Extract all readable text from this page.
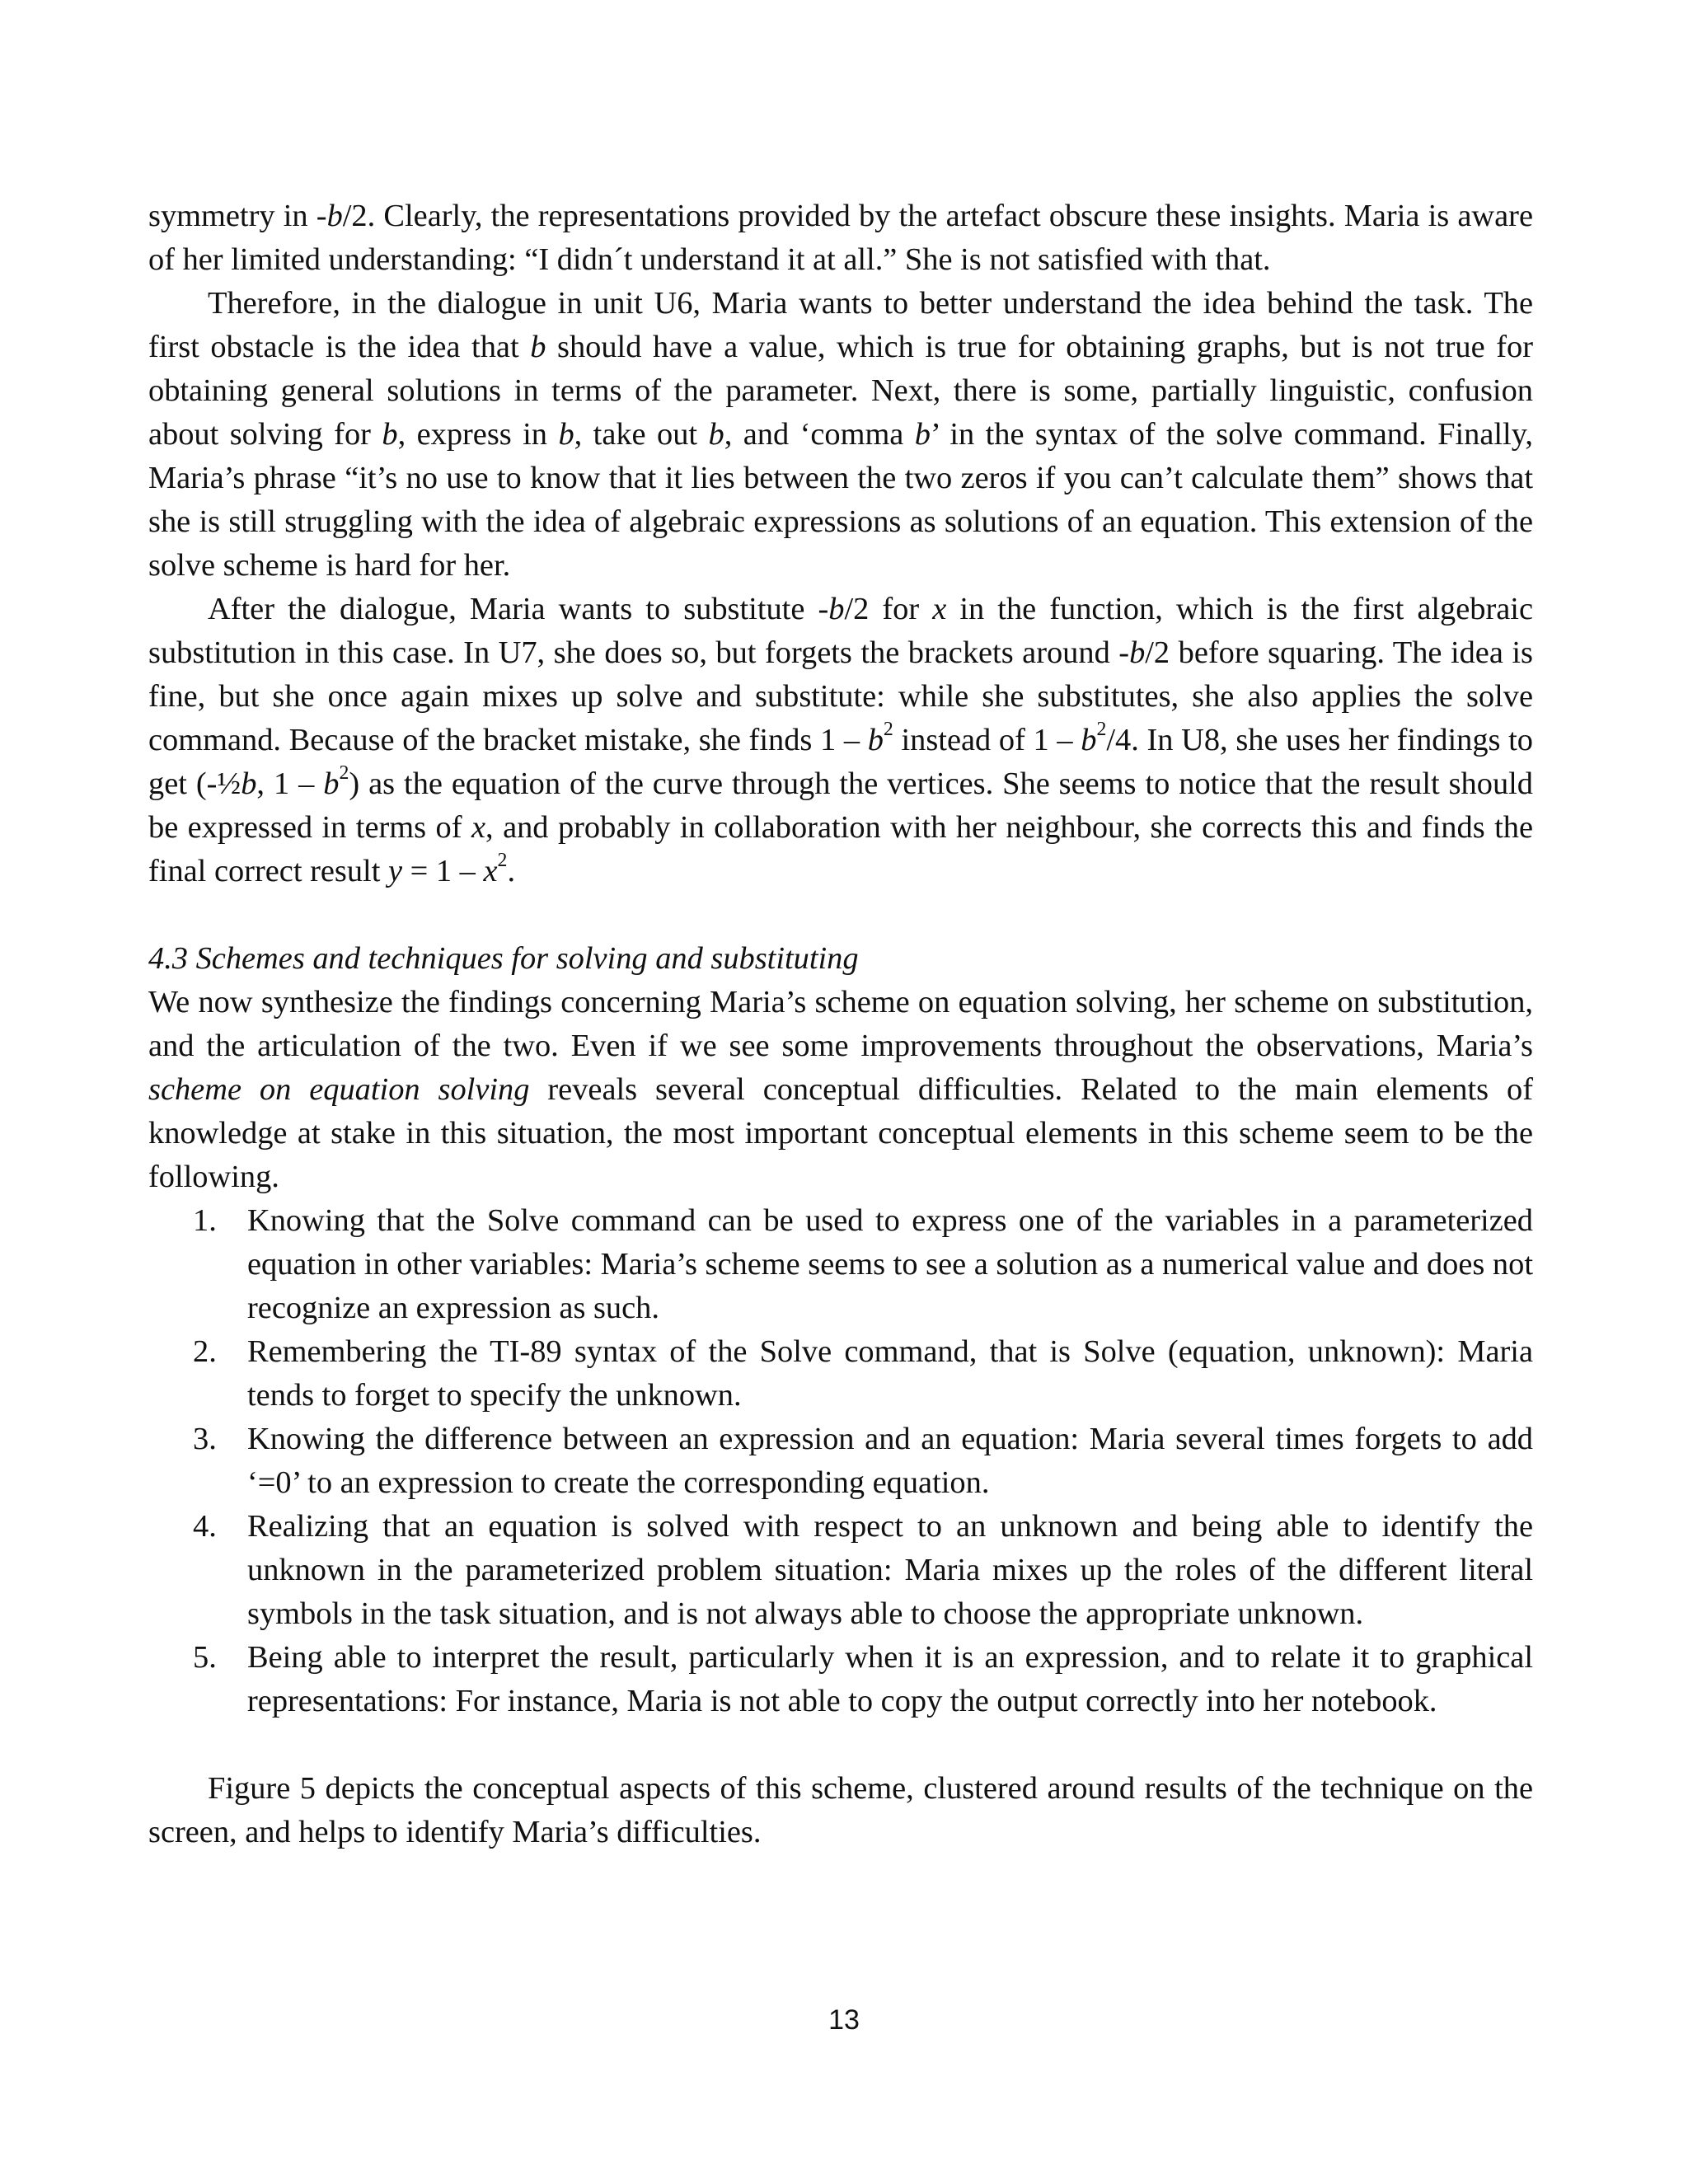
symmetry in -b/2. Clearly, the representations provided by the artefact obscure these insights. Maria is aware of her limited understanding: “I didn´t understand it at all.” She is not satisfied with that.

Therefore, in the dialogue in unit U6, Maria wants to better understand the idea behind the task. The first obstacle is the idea that b should have a value, which is true for obtaining graphs, but is not true for obtaining general solutions in terms of the parameter. Next, there is some, partially linguistic, confusion about solving for b, express in b, take out b, and ‘comma b’ in the syntax of the solve command. Finally, Maria’s phrase “it’s no use to know that it lies between the two zeros if you can’t calculate them” shows that she is still struggling with the idea of algebraic expressions as solutions of an equation. This extension of the solve scheme is hard for her.

After the dialogue, Maria wants to substitute -b/2 for x in the function, which is the first algebraic substitution in this case. In U7, she does so, but forgets the brackets around -b/2 before squaring. The idea is fine, but she once again mixes up solve and substitute: while she substitutes, she also applies the solve command. Because of the bracket mistake, she finds $1 - b^2$ instead of $1 - b^2/4$. In U8, she uses her findings to get (-½b, $1 - b^2$) as the equation of the curve through the vertices. She seems to notice that the result should be expressed in terms of x, and probably in collaboration with her neighbour, she corrects this and finds the final correct result $y = 1 - x^2$.

4.3 Schemes and techniques for solving and substituting

We now synthesize the findings concerning Maria’s scheme on equation solving, her scheme on substitution, and the articulation of the two. Even if we see some improvements throughout the observations, Maria’s scheme on equation solving reveals several conceptual difficulties. Related to the main elements of knowledge at stake in this situation, the most important conceptual elements in this scheme seem to be the following.

1. Knowing that the Solve command can be used to express one of the variables in a parameterized equation in other variables: Maria’s scheme seems to see a solution as a numerical value and does not recognize an expression as such.
2. Remembering the TI-89 syntax of the Solve command, that is Solve (equation, unknown): Maria tends to forget to specify the unknown.
3. Knowing the difference between an expression and an equation: Maria several times forgets to add ‘=0’ to an expression to create the corresponding equation.
4. Realizing that an equation is solved with respect to an unknown and being able to identify the unknown in the parameterized problem situation: Maria mixes up the roles of the different literal symbols in the task situation, and is not always able to choose the appropriate unknown.
5. Being able to interpret the result, particularly when it is an expression, and to relate it to graphical representations: For instance, Maria is not able to copy the output correctly into her notebook.

Figure 5 depicts the conceptual aspects of this scheme, clustered around results of the technique on the screen, and helps to identify Maria’s difficulties.

13
